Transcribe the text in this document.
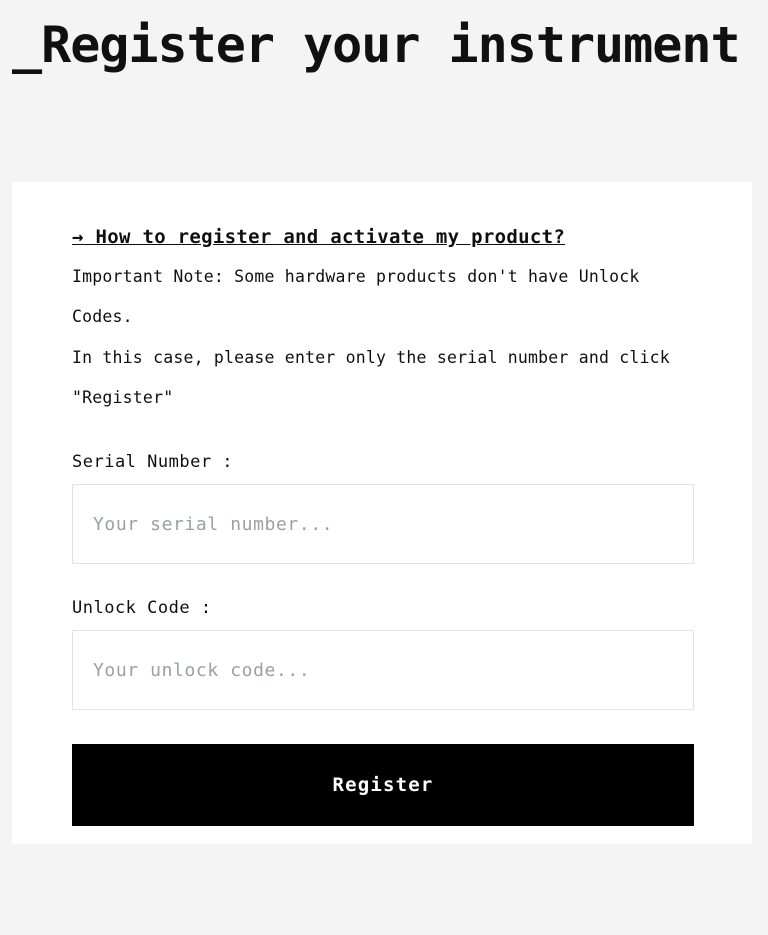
_Register your instrument
→ How to register and activate my product?

Important Note: Some hardware products don't have Unlock Codes.

In this case, please enter only the serial number and click "Register"

Serial Number :
Your serial number...
Unlock Code :
Your unlock code...
Register
